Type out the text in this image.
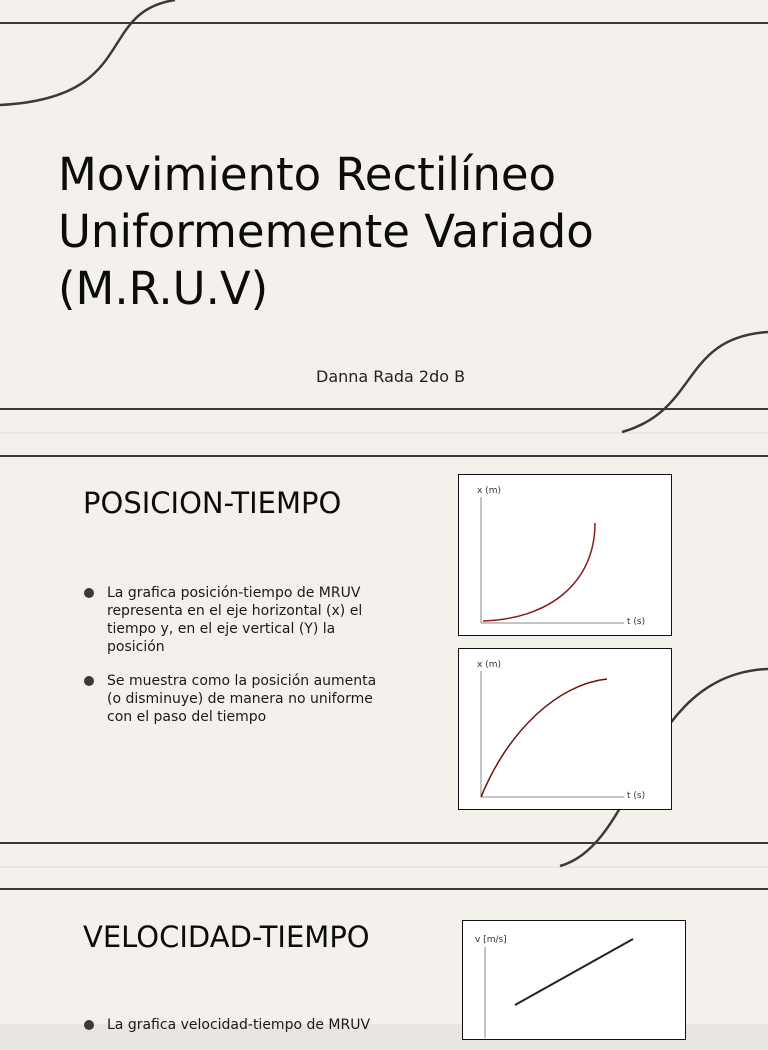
Movimiento Rectilíneo
Uniformemente Variado
(M.R.U.V)
Danna Rada 2do B
POSICION-TIEMPO
La grafica posición-tiempo de MRUV representa en el eje horizontal (x) el tiempo y, en el eje vertical (Y) la posición
Se muestra como la posición aumenta (o disminuye) de manera no uniforme con el paso del tiempo
x (m)
t (s)
x (m)
t (s)
VELOCIDAD-TIEMPO
La grafica velocidad-tiempo de MRUV
v [m/s]
